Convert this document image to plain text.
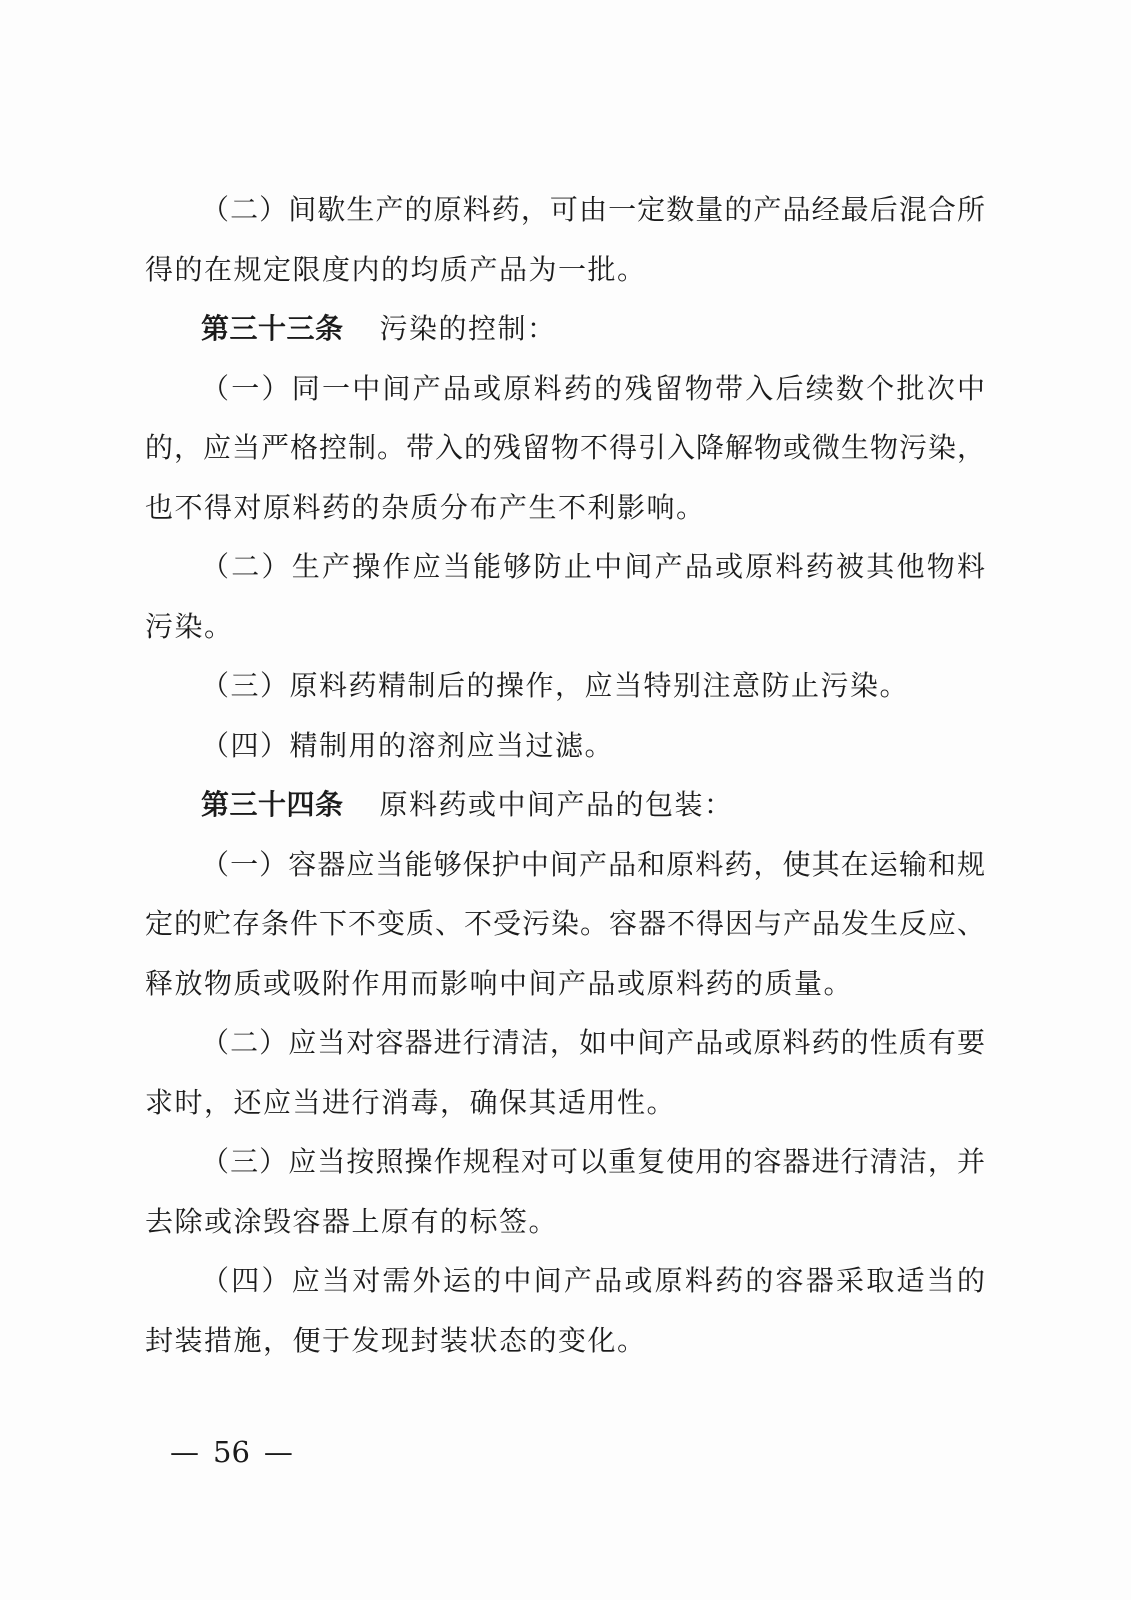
（二）间歇生产的原料药，可由一定数量的产品经最后混合所
得的在规定限度内的均质产品为一批。
第三十三条 污染的控制：
（一）同一中间产品或原料药的残留物带入后续数个批次中
的，应当严格控制。带入的残留物不得引入降解物或微生物污染，
也不得对原料药的杂质分布产生不利影响。
（二）生产操作应当能够防止中间产品或原料药被其他物料
污染。
（三）原料药精制后的操作，应当特别注意防止污染。
（四）精制用的溶剂应当过滤。
第三十四条 原料药或中间产品的包装：
（一）容器应当能够保护中间产品和原料药，使其在运输和规
定的贮存条件下不变质、不受污染。容器不得因与产品发生反应、
释放物质或吸附作用而影响中间产品或原料药的质量。
（二）应当对容器进行清洁，如中间产品或原料药的性质有要
求时，还应当进行消毒，确保其适用性。
（三）应当按照操作规程对可以重复使用的容器进行清洁，并
去除或涂毁容器上原有的标签。
（四）应当对需外运的中间产品或原料药的容器采取适当的
封装措施，便于发现封装状态的变化。
— 56 —
